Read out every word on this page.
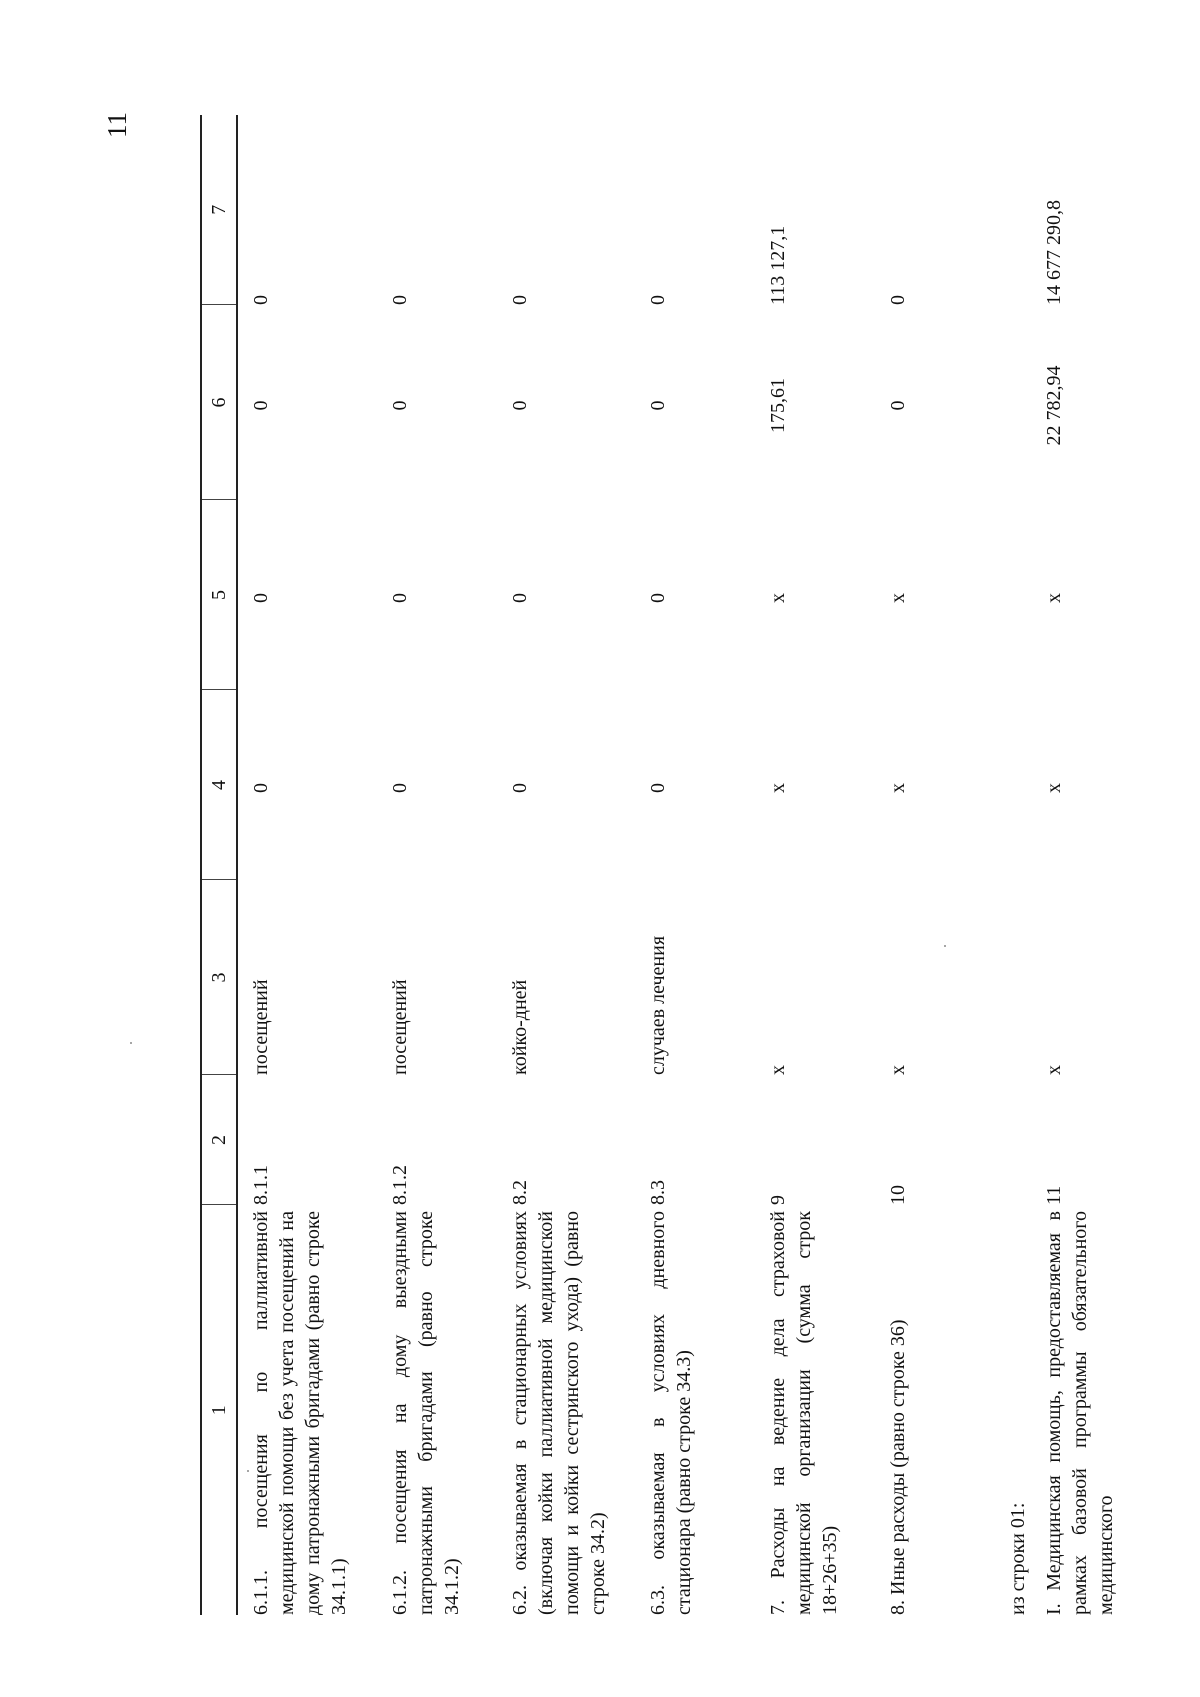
11
1	2	3	4	5	6	7
6.1.1. посещения по паллиативной медицинской помощи без учета посещений на дому патронажными бригадами (равно строке 34.1.1)	8.1.1	посещений	0	0	0	0
6.1.2. посещения на дому выездными патронажными бригадами (равно строке 34.1.2)	8.1.2	посещений	0	0	0	0
6.2. оказываемая в стационарных условиях (включая койки паллиативной медицинской помощи и койки сестринского ухода) (равно строке 34.2)	8.2	койко-дней	0	0	0	0
6.3. оказываемая в условиях дневного стационара (равно строке 34.3)	8.3	случаев лечения	0	0	0	0
7. Расходы на ведение дела страховой медицинской организации (сумма строк 18+26+35)	9	х	х	х	175,61	113 127,1
8. Иные расходы (равно строке 36)	10	х	х	х	0	0
из строки 01:						
I. Медицинская помощь, предоставляемая в рамках базовой программы обязательного медицинского	11	х	х	х	22 782,94	14 677 290,8
